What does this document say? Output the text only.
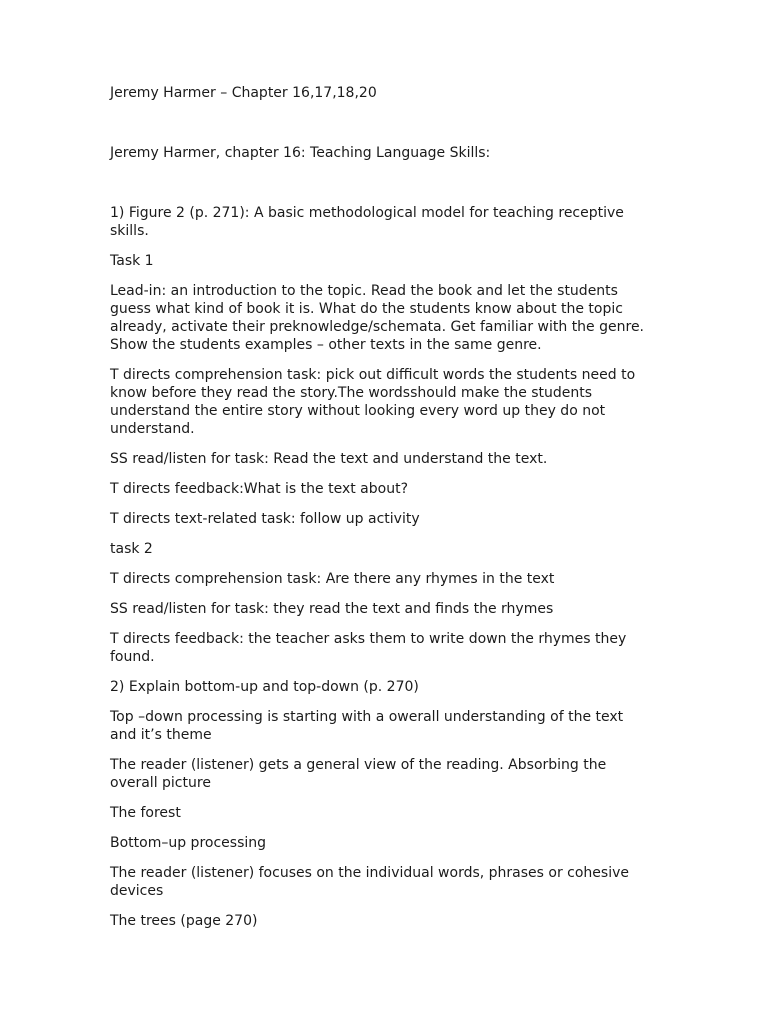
Jeremy Harmer – Chapter 16,17,18,20

Jeremy Harmer, chapter 16: Teaching Language Skills:

1) Figure 2 (p. 271): A basic methodological model for teaching receptive
skills.

Task 1

Lead-in: an introduction to the topic. Read the book and let the students
guess what kind of book it is. What do the students know about the topic
already, activate their preknowledge/schemata. Get familiar with the genre.
Show the students examples – other texts in the same genre.

T directs comprehension task: pick out difficult words the students need to
know before they read the story.The wordsshould make the students
understand the entire story without looking every word up they do not
understand.

SS read/listen for task: Read the text and understand the text.

T directs feedback:What is the text about?

T directs text-related task: follow up activity

task 2

T directs comprehension task: Are there any rhymes in the text

SS read/listen for task: they read the text and finds the rhymes

T directs feedback: the teacher asks them to write down the rhymes they
found.

2) Explain bottom-up and top-down (p. 270)

Top –down processing is starting with a owerall understanding of the text
and it’s theme

The reader (listener) gets a general view of the reading. Absorbing the
overall picture

The forest

Bottom–up processing

The reader (listener) focuses on the individual words, phrases or cohesive
devices

The trees (page 270)
